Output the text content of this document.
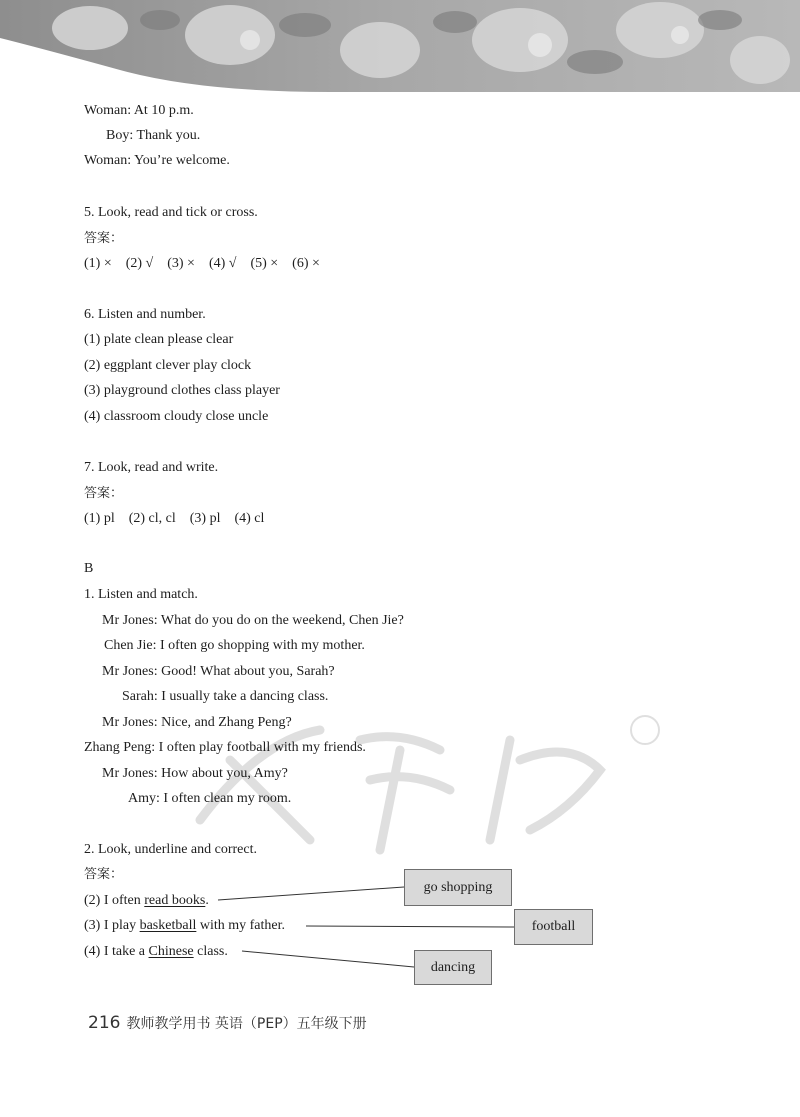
Woman: At 10 p.m.
Boy: Thank you.
Woman: You’re welcome.
5. Look, read and tick or cross.
答案：
(1) ×    (2) √    (3) ×    (4) √    (5) ×    (6) ×
6. Listen and number.
(1) plate clean please clear
(2) eggplant clever play clock
(3) playground clothes class player
(4) classroom cloudy close uncle
7. Look, read and write.
答案：
(1) pl    (2) cl, cl    (3) pl    (4) cl
B
1. Listen and match.
Mr Jones: What do you do on the weekend, Chen Jie?
Chen Jie: I often go shopping with my mother.
Mr Jones: Good! What about you, Sarah?
Sarah: I usually take a dancing class.
Mr Jones: Nice, and Zhang Peng?
Zhang Peng: I often play football with my friends.
Mr Jones: How about you, Amy?
Amy: I often clean my room.
2. Look, underline and correct.
答案：
(2) I often read books.
(3) I play basketball with my father.
(4) I take a Chinese class.
go shopping
football
dancing
216 教师教学用书 英语（PEP）五年级下册
